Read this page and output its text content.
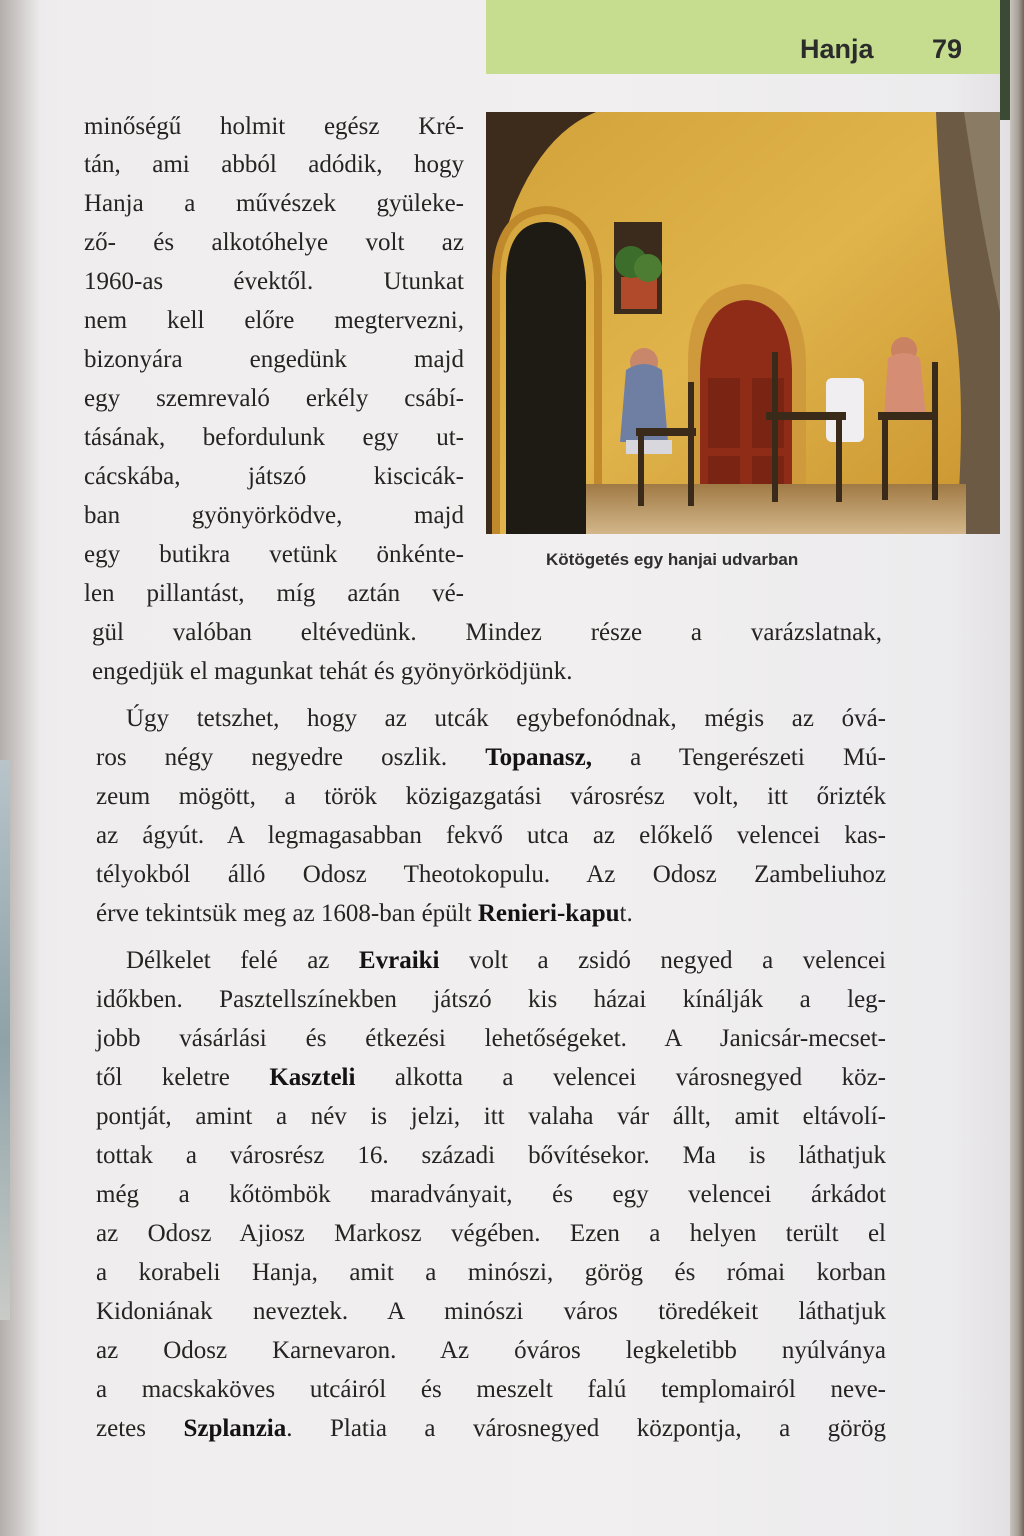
Hanja 79
Kötögetés egy hanjai udvarban
minőségű holmit egész Kré-
tán, ami abból adódik, hogy
Hanja a művészek gyüleke-
ző- és alkotóhelye volt az
1960-as évektől. Utunkat
nem kell előre megtervezni,
bizonyára engedünk majd
egy szemrevaló erkély csábí-
tásának, befordulunk egy ut-
cácskába, játszó kiscicák-
ban gyönyörködve, majd
egy butikra vetünk önkénte-
len pillantást, míg aztán vé-
gül valóban eltévedünk. Mindez része a varázslatnak,
engedjük el magunkat tehát és gyönyörködjünk.
Úgy tetszhet, hogy az utcák egybefonódnak, mégis az óvá-
ros négy negyedre oszlik. Topanasz, a Tengerészeti Mú-
zeum mögött, a török közigazgatási városrész volt, itt őrizték
az ágyút. A legmagasabban fekvő utca az előkelő velencei kas-
télyokból álló Odosz Theotokopulu. Az Odosz Zambeliuhoz
érve tekintsük meg az 1608-ban épült Renieri-kaput.
Délkelet felé az Evraiki volt a zsidó negyed a velencei
időkben. Pasztellszínekben játszó kis házai kínálják a leg-
jobb vásárlási és étkezési lehetőségeket. A Janicsár-mecset-
től keletre Kaszteli alkotta a velencei városnegyed köz-
pontját, amint a név is jelzi, itt valaha vár állt, amit eltávolí-
tottak a városrész 16. századi bővítésekor. Ma is láthatjuk
még a kőtömbök maradványait, és egy velencei árkádot
az Odosz Ajiosz Markosz végében. Ezen a helyen terült el
a korabeli Hanja, amit a minószi, görög és római korban
Kidoniának neveztek. A minószi város töredékeit láthatjuk
az Odosz Karnevaron. Az óváros legkeletibb nyúlványa
a macskaköves utcáiról és meszelt falú templomairól neve-
zetes Szplanzia. Platia a városnegyed központja, a görög
